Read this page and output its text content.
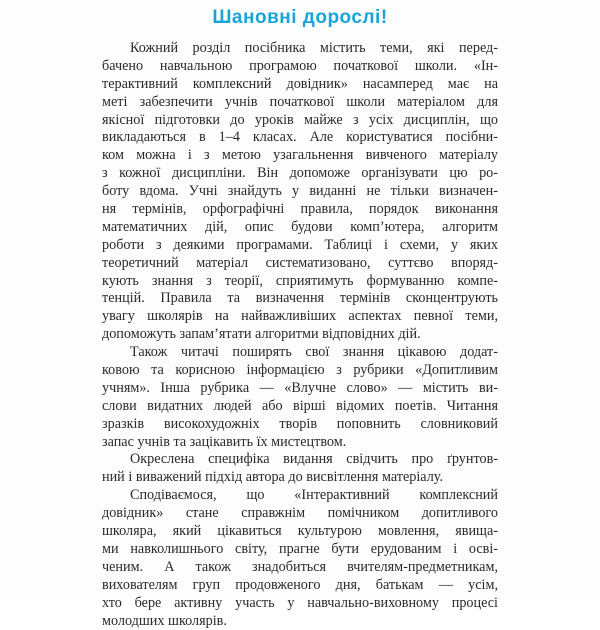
Шановні дорослі!
Кожний розділ посібника містить теми, які перед-
бачено навчальною програмою початкової школи. «Ін-
терактивний комплексний довідник» насамперед має на
меті забезпечити учнів початкової школи матеріалом для
якісної підготовки до уроків майже з усіх дисциплін, що
викладаються в 1–4 класах. Але користуватися посібни-
ком можна і з метою узагальнення вивченого матеріалу
з кожної дисципліни. Він допоможе організувати цю ро-
боту вдома. Учні знайдуть у виданні не тільки визначен-
ня термінів, орфографічні правила, порядок виконання
математичних дій, опис будови комп’ютера, алгоритм
роботи з деякими програмами. Таблиці і схеми, у яких
теоретичний матеріал систематизовано, суттєво впоряд-
кують знання з теорії, сприятимуть формуванню компе-
тенцій. Правила та визначення термінів сконцентрують
увагу школярів на найважливіших аспектах певної теми,
допоможуть запам’ятати алгоритми відповідних дій.
Також читачі поширять свої знання цікавою додат-
ковою та корисною інформацією з рубрики «Допитливим
учням». Інша рубрика — «Влучне слово» — містить ви-
слови видатних людей або вірші відомих поетів. Читання
зразків високохудожніх творів поповнить словниковий
запас учнів та зацікавить їх мистецтвом.
Окреслена специфіка видання свідчить про ґрунтов-
ний і виважений підхід автора до висвітлення матеріалу.
Сподіваємося, що «Інтерактивний комплексний
довідник» стане справжнім помічником допитливого
школяра, який цікавиться культурою мовлення, явища-
ми навколишнього світу, прагне бути ерудованим і осві-
ченим. А також знадобиться вчителям-предметникам,
вихователям груп продовженого дня, батькам — усім,
хто бере активну участь у навчально-виховному процесі
молодших школярів.
